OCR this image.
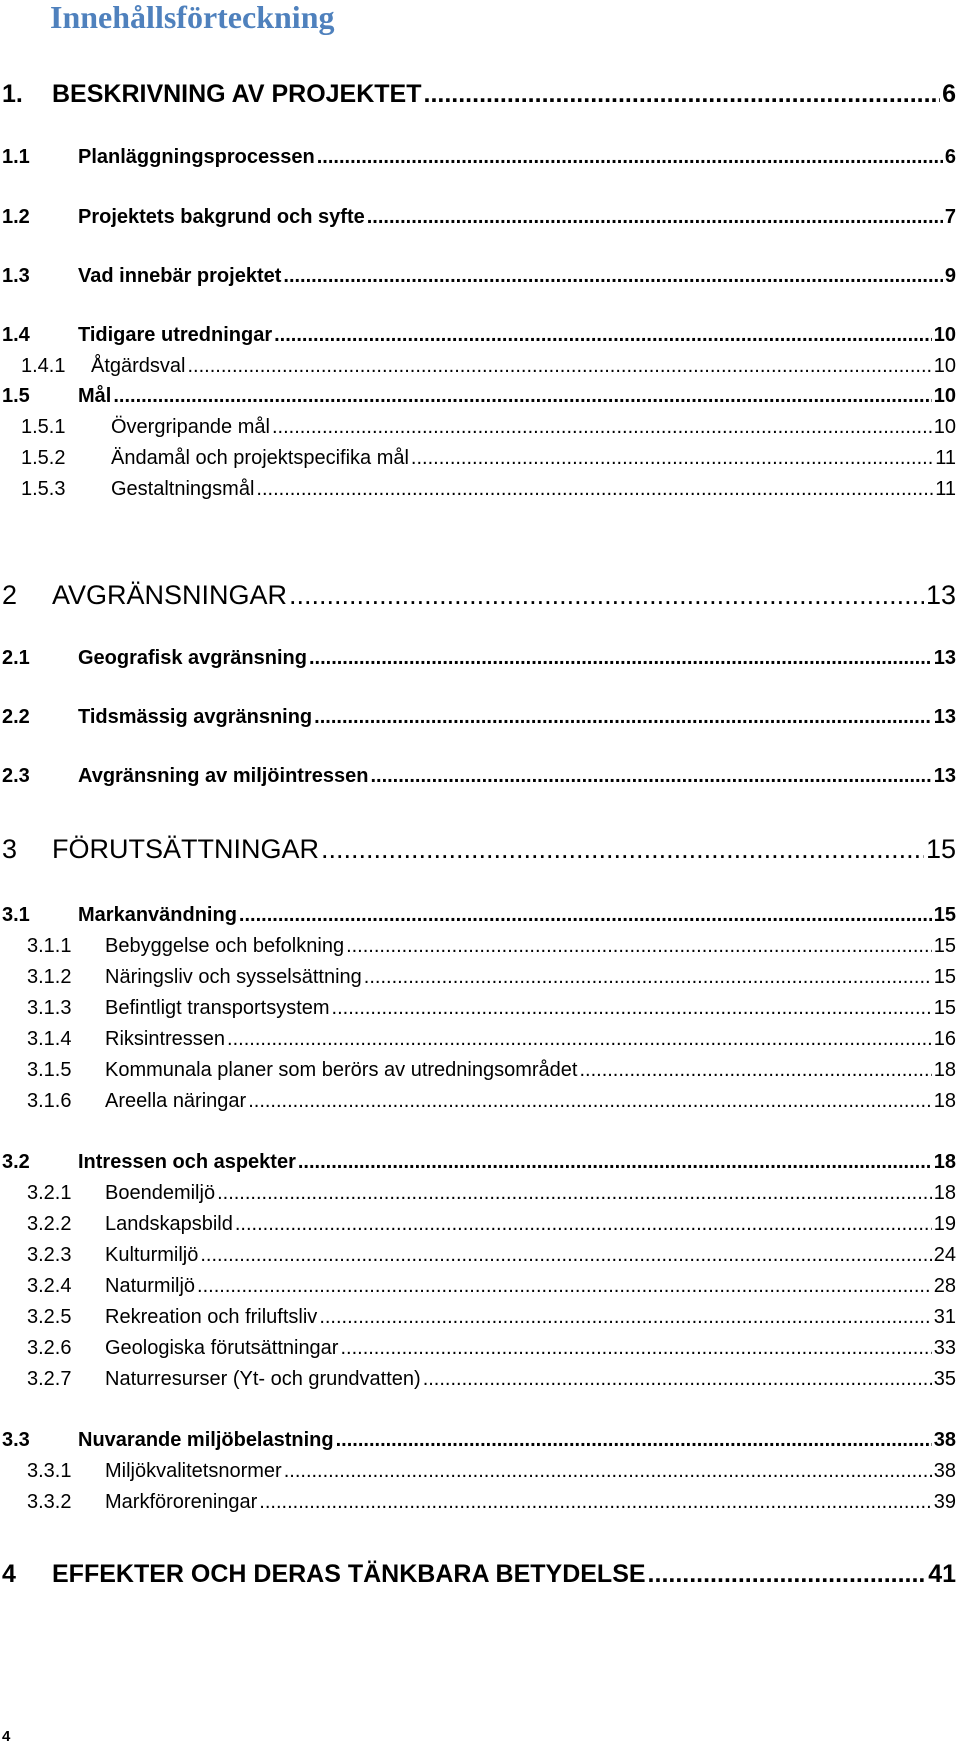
Innehållsförteckning
1.	BESKRIVNING AV PROJEKTET .....	6
1.1	Planläggningsprocessen .....	6
1.2	Projektets bakgrund och syfte .....	7
1.3	Vad innebär projektet .....	9
1.4	Tidigare utredningar .....	10
1.4.1	Åtgärdsval .....	10
1.5	Mål .....	10
1.5.1	Övergripande mål .....	10
1.5.2	Ändamål och projektspecifika mål .....	11
1.5.3	Gestaltningsmål .....	11
2	AVGRÄNSNINGAR .....	13
2.1	Geografisk avgränsning .....	13
2.2	Tidsmässig avgränsning .....	13
2.3	Avgränsning av miljöintressen .....	13
3	FÖRUTSÄTTNINGAR .....	15
3.1	Markanvändning .....	15
3.1.1	Bebyggelse och befolkning .....	15
3.1.2	Näringsliv och sysselsättning .....	15
3.1.3	Befintligt transportsystem .....	15
3.1.4	Riksintressen .....	16
3.1.5	Kommunala planer som berörs av utredningsområdet .....	18
3.1.6	Areella näringar .....	18
3.2	Intressen och aspekter .....	18
3.2.1	Boendemiljö .....	18
3.2.2	Landskapsbild .....	19
3.2.3	Kulturmiljö .....	24
3.2.4	Naturmiljö .....	28
3.2.5	Rekreation och friluftsliv .....	31
3.2.6	Geologiska förutsättningar .....	33
3.2.7	Naturresurser (Yt- och grundvatten) .....	35
3.3	Nuvarande miljöbelastning .....	38
3.3.1	Miljökvalitetsnormer .....	38
3.3.2	Markföroreningar .....	39
4	EFFEKTER OCH DERAS TÄNKBARA BETYDELSE .....	41

4
